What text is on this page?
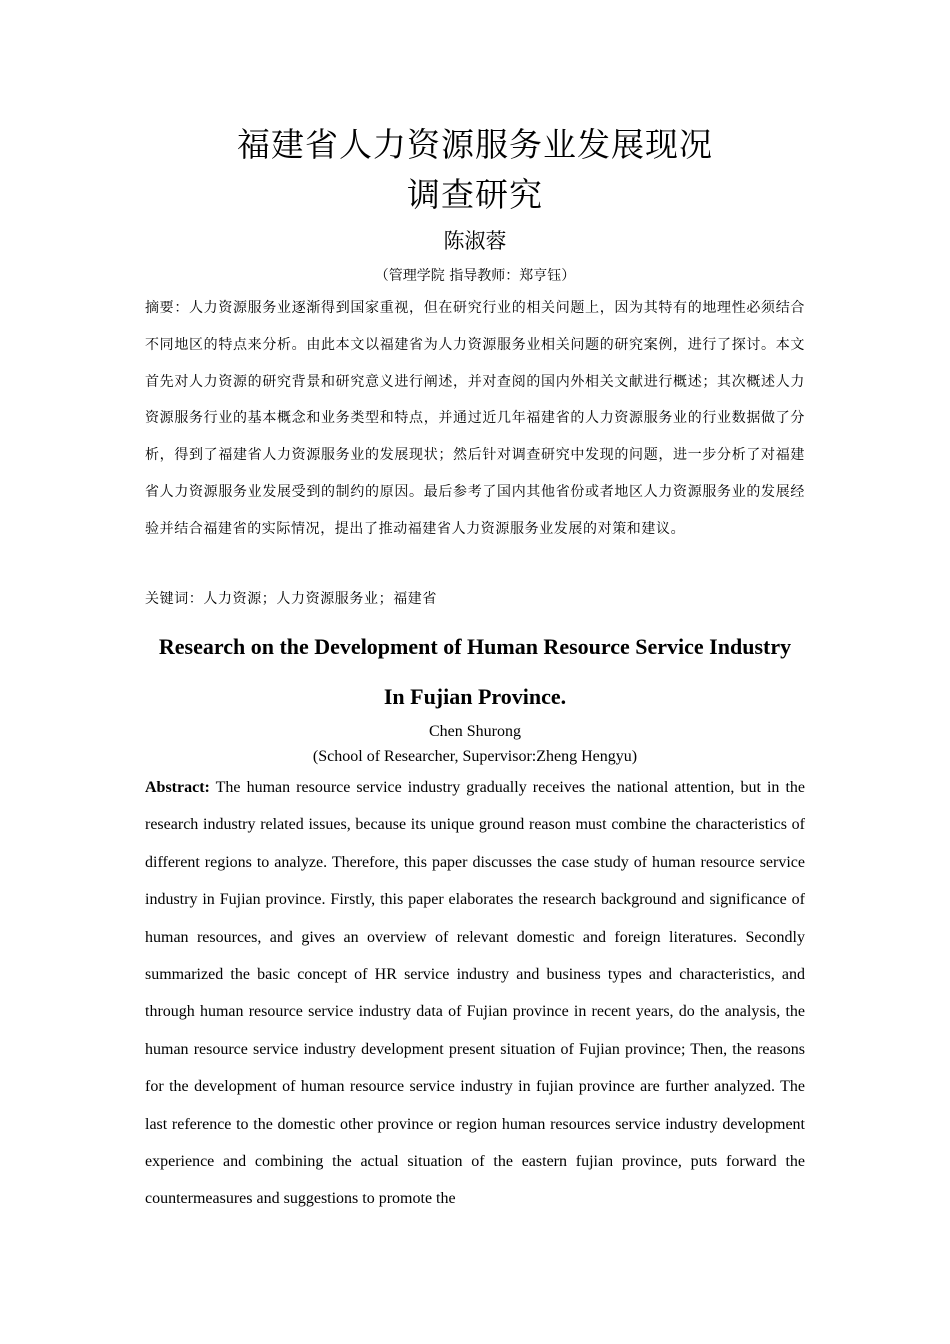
福建省人力资源服务业发展现况
调查研究
陈淑蓉
（管理学院 指导教师：郑亨钰）
摘要：人力资源服务业逐渐得到国家重视，但在研究行业的相关问题上，因为其特有的地理性必须结合不同地区的特点来分析。由此本文以福建省为人力资源服务业相关问题的研究案例，进行了探讨。本文首先对人力资源的研究背景和研究意义进行阐述，并对查阅的国内外相关文献进行概述；其次概述人力资源服务行业的基本概念和业务类型和特点，并通过近几年福建省的人力资源服务业的行业数据做了分析，得到了福建省人力资源服务业的发展现状；然后针对调查研究中发现的问题，进一步分析了对福建省人力资源服务业发展受到的制约的原因。最后参考了国内其他省份或者地区人力资源服务业的发展经验并结合福建省的实际情况，提出了推动福建省人力资源服务业发展的对策和建议。
关键词：人力资源；人力资源服务业；福建省
Research on the Development of Human Resource Service Industry
In Fujian Province.
Chen Shurong
(School of Researcher, Supervisor:Zheng Hengyu)
Abstract: The human resource service industry gradually receives the national attention, but in the research industry related issues, because its unique ground reason must combine the characteristics of different regions to analyze. Therefore, this paper discusses the case study of human resource service industry in Fujian province. Firstly, this paper elaborates the research background and significance of human resources, and gives an overview of relevant domestic and foreign literatures. Secondly summarized the basic concept of HR service industry and business types and characteristics, and through human resource service industry data of Fujian province in recent years, do the analysis, the human resource service industry development present situation of Fujian province; Then, the reasons for the development of human resource service industry in fujian province are further analyzed. The last reference to the domestic other province or region human resources service industry development experience and combining the actual situation of the eastern fujian province, puts forward the countermeasures and suggestions to promote the
